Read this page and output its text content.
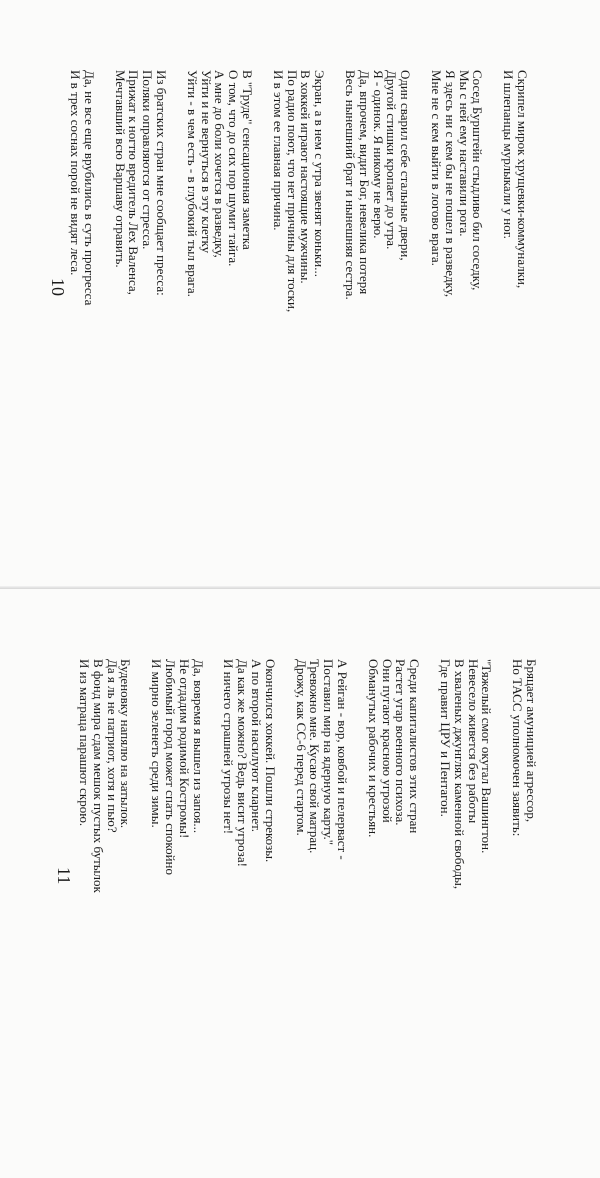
Скрипел мирок хрущевки-коммуналки,
И шлепанцы мурлыкали у ног.
Сосед Бурштейн стыдливо бил соседку,
Мы с ней ему наставили рога.
Я здесь ни с кем бы не пошел в разведку,
Мне не с кем выйти в логово врага.
Один сварил себе стальные двери,
Другой стишки кропает до утра.
Я - одинок. Я никому не верю.
Да, впрочем, видит Бог, невелика потеря
Весь нынешний брат и нынешняя сестра.
Экран, а в нем с утра звенят коньки...
В хоккей играют настоящие мужчины.
По радио поют, что нет причины для тоски,
И в этом ее главная причина.
В "Труде" сенсационная заметка
О том, что до сих пор шумит тайга.
А мне до боли хочется в разведку,
Уйти и не вернуться в эту клетку
Уйти - в чем есть - в глубокий тыл врага.
Из братских стран мне сообщает пресса:
Поляки оправляются от стресса.
Прижат к ногтю вредитель Лех Валенса,
Мечтавший всю Варшаву отравить.
Да, не все еще врубились в суть прогресса
И в трех соснах порой не видят леса.
10
Бряцает амуницией агрессор,
Но ТАСС уполномочен заявить:
"Тяжелый смог окутал Вашингтон.
Невесело живется без работы
В хваленых джунглях каменной свободы,
Где правит ЦРУ и Пентагон.
Среди капиталистов этих стран
Растет угар военного психоза.
Они пугают красною угрозой
Обманутых рабочих и крестьян.
А Рейган - вор, ковбой и пелерваст -
Поставил мир на ядерную карту."
Тревожно мне. Кусаю свой матрац.
Дрожу, как СС-6 перед стартом.
Окончился хоккей. Пошли стрекозы.
А по второй насилуют кларнет.
Да как же можно? Ведь висит угроза!
И ничего страшней угрозы нет!
Да, вовремя я вышел из запоя...
Не отдадим родимой Костромы!
Любимый город может спать спокойно
И мирно зеленеть среди зимы.
Буденовку напялю на затылок.
Да я ль не патриот, хотя и пью?
В фонд мира сдам мешок пустых бутылок
И из матраца парашют скрою.
11
